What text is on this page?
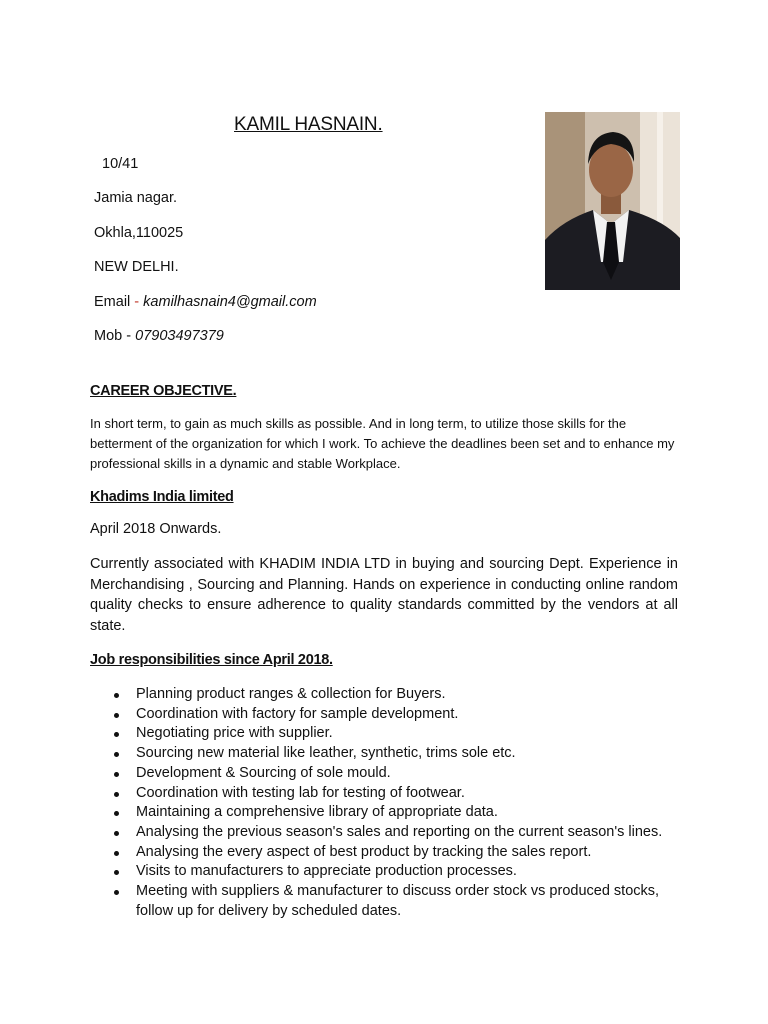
KAMIL HASNAIN.
10/41
Jamia nagar.
Okhla,110025
NEW DELHI.
Email - kamilhasnain4@gmail.com
Mob - 07903497379
CAREER OBJECTIVE.
In short term, to gain as much skills as possible. And in long term, to utilize those skills for the betterment of the organization for which I work. To achieve the deadlines been set and to enhance my professional skills in a dynamic and stable Workplace.
Khadims India limited
April 2018 Onwards.
Currently associated with KHADIM INDIA LTD in buying and sourcing Dept. Experience in Merchandising , Sourcing and Planning. Hands on experience in conducting online random quality checks to ensure adherence to quality standards committed by the vendors at all state.
Job responsibilities since April 2018.
Planning product ranges & collection for Buyers.
Coordination with factory for sample development.
Negotiating price with supplier.
Sourcing new material like leather, synthetic, trims sole etc.
Development & Sourcing of sole mould.
Coordination with testing lab for testing of footwear.
Maintaining a comprehensive library of appropriate data.
Analysing the previous season's sales and reporting on the current season's lines.
Analysing the every aspect of best product by tracking the sales report.
Visits to manufacturers to appreciate production processes.
Meeting with suppliers & manufacturer to discuss order stock vs produced stocks, follow up for delivery by scheduled dates.
